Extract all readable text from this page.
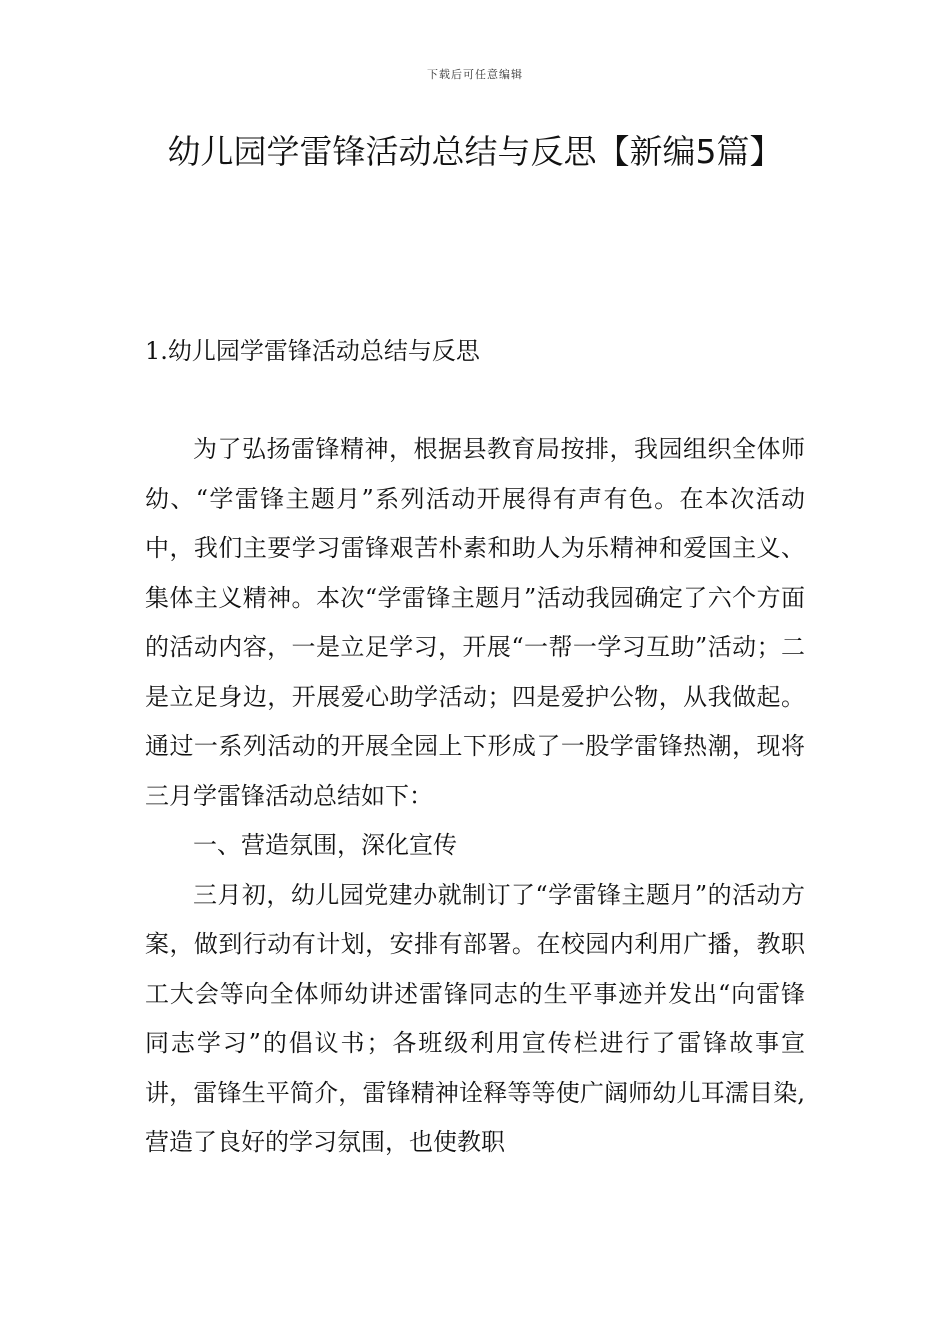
下载后可任意编辑
幼儿园学雷锋活动总结与反思【新编5篇】
1.幼儿园学雷锋活动总结与反思

为了弘扬雷锋精神，根据县教育局按排，我园组织全体师幼、“学雷锋主题月”系列活动开展得有声有色。在本次活动中，我们主要学习雷锋艰苦朴素和助人为乐精神和爱国主义、集体主义精神。本次“学雷锋主题月”活动我园确定了六个方面的活动内容，一是立足学习，开展“一帮一学习互助”活动；二是立足身边，开展爱心助学活动；四是爱护公物，从我做起。通过一系列活动的开展全园上下形成了一股学雷锋热潮，现将三月学雷锋活动总结如下：

一、营造氛围，深化宣传

三月初，幼儿园党建办就制订了“学雷锋主题月”的活动方案，做到行动有计划，安排有部署。在校园内利用广播，教职工大会等向全体师幼讲述雷锋同志的生平事迹并发出“向雷锋同志学习”的倡议书；各班级利用宣传栏进行了雷锋故事宣讲，雷锋生平简介，雷锋精神诠释等等使广阔师幼儿耳濡目染,营造了良好的学习氛围，也使教职
